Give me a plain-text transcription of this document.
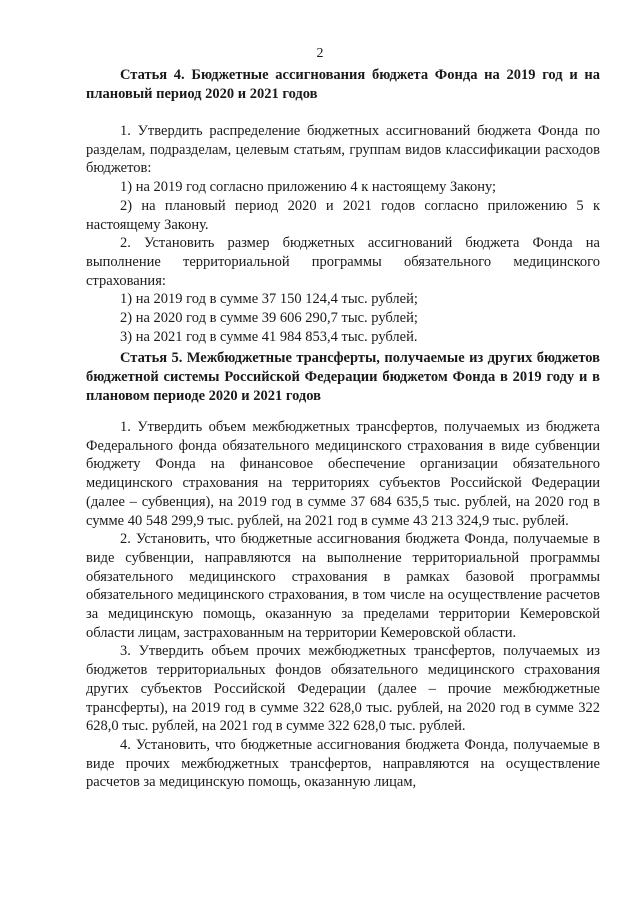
2
Статья 4. Бюджетные ассигнования бюджета Фонда на 2019 год и на плановый период 2020 и 2021 годов

1. Утвердить распределение бюджетных ассигнований бюджета Фонда по разделам, подразделам, целевым статьям, группам видов классификации расходов бюджетов:

1) на 2019 год согласно приложению 4 к настоящему Закону;

2) на плановый период 2020 и 2021 годов согласно приложению 5 к настоящему Закону.

2. Установить размер бюджетных ассигнований бюджета Фонда на выполнение территориальной программы обязательного медицинского страхования:

1) на 2019 год в сумме 37 150 124,4 тыс. рублей;

2) на 2020 год в сумме 39 606 290,7 тыс. рублей;

3) на 2021 год в сумме 41 984 853,4 тыс. рублей.

Статья 5. Межбюджетные трансферты, получаемые из других бюджетов бюджетной системы Российской Федерации бюджетом Фонда в 2019 году и в плановом периоде 2020 и 2021 годов

1. Утвердить объем межбюджетных трансфертов, получаемых из бюджета Федерального фонда обязательного медицинского страхования в виде субвенции бюджету Фонда на финансовое обеспечение организации обязательного медицинского страхования на территориях субъектов Российской Федерации (далее – субвенция), на 2019 год в сумме 37 684 635,5 тыс. рублей, на 2020 год в сумме 40 548 299,9 тыс. рублей, на 2021 год в сумме 43 213 324,9 тыс. рублей.

2. Установить, что бюджетные ассигнования бюджета Фонда, получаемые в виде субвенции, направляются на выполнение территориальной программы обязательного медицинского страхования в рамках базовой программы обязательного медицинского страхования, в том числе на осуществление расчетов за медицинскую помощь, оказанную за пределами территории Кемеровской области лицам, застрахованным на территории Кемеровской области.

3. Утвердить объем прочих межбюджетных трансфертов, получаемых из бюджетов территориальных фондов обязательного медицинского страхования других субъектов Российской Федерации (далее – прочие межбюджетные трансферты), на 2019 год в сумме 322 628,0 тыс. рублей, на 2020 год в сумме 322 628,0 тыс. рублей, на 2021 год в сумме 322 628,0 тыс. рублей.

4. Установить, что бюджетные ассигнования бюджета Фонда, получаемые в виде прочих межбюджетных трансфертов, направляются на осуществление расчетов за медицинскую помощь, оказанную лицам,
